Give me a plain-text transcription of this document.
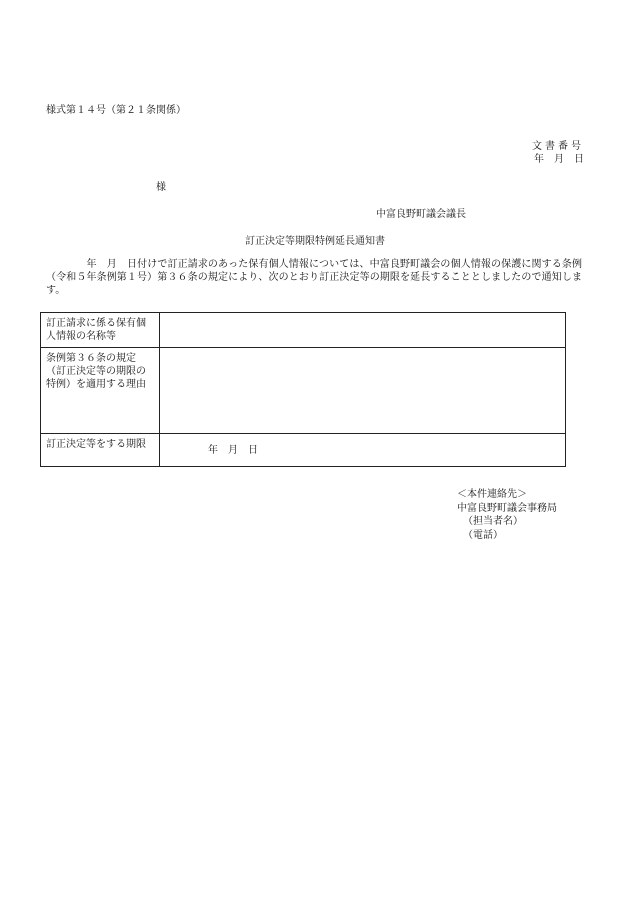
様式第１４号（第２１条関係）
文書番号
年　月　日
様
中富良野町議会議長
訂正決定等期限特例延長通知書
　　　　年　月　日付けで訂正請求のあった保有個人情報については、中富良野町議会の個人情報の保護に関する条例（令和５年条例第１号）第３６条の規定により、次のとおり訂正決定等の期限を延長することとしましたので通知します。
訂正請求に係る保有個人情報の名称等	
条例第３６条の規定（訂正決定等の期限の特例）を適用する理由	
訂正決定等をする期限	年　月　日
＜本件連絡先＞
中富良野町議会事務局
（担当者名）
（電話）
